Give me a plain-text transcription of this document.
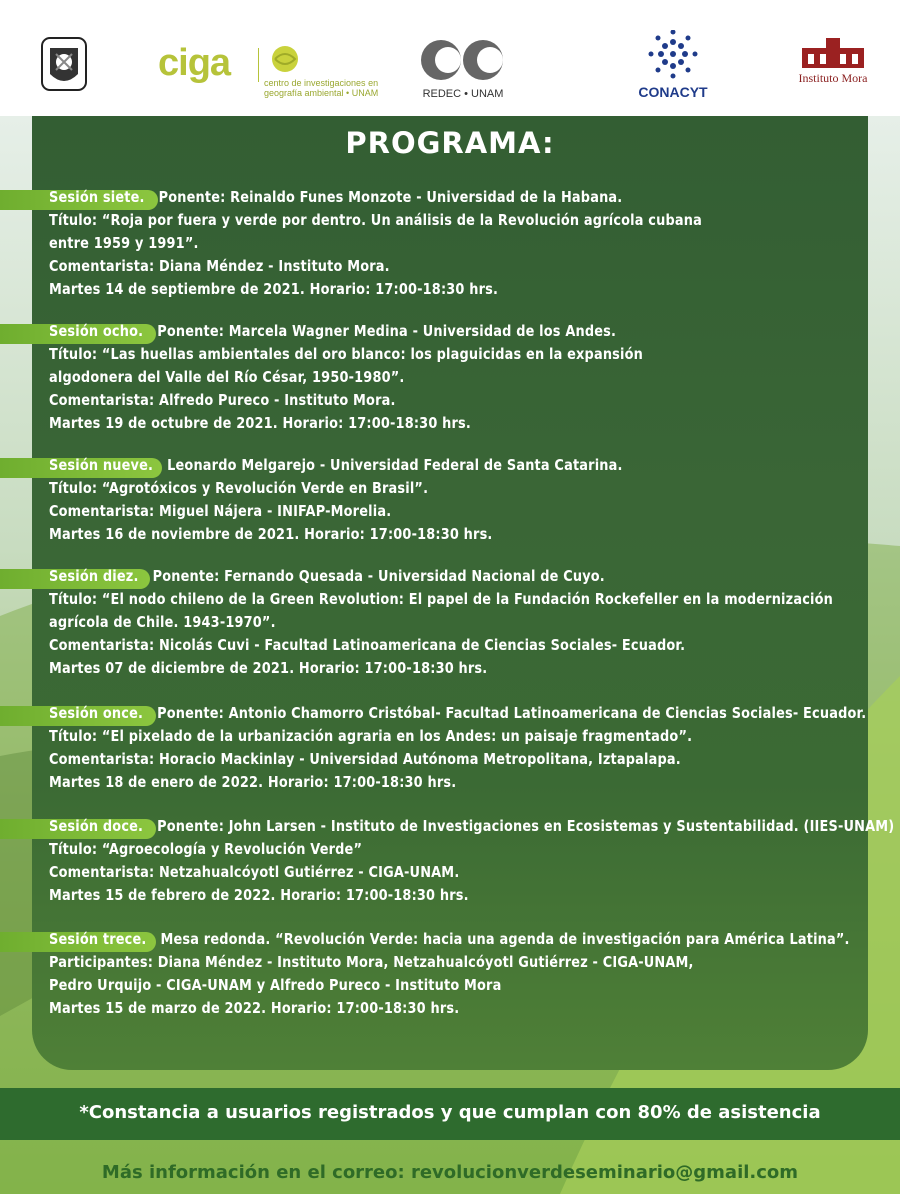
ciga	centro de investigaciones en geografía ambiental • UNAM	REDEC • UNAM	CONACYT
Instituto Mora
PROGRAMA:
Sesión siete. Ponente: Reinaldo Funes Monzote - Universidad de la Habana.
Título: “Roja por fuera y verde por dentro. Un análisis de la Revolución agrícola cubana
entre 1959 y 1991”.
Comentarista: Diana Méndez - Instituto Mora.
Martes 14 de septiembre de 2021. Horario: 17:00-18:30 hrs.
Sesión ocho. Ponente: Marcela Wagner Medina - Universidad de los Andes.
Título: “Las huellas ambientales del oro blanco: los plaguicidas en la expansión
algodonera del Valle del Río César, 1950-1980”.
Comentarista: Alfredo Pureco - Instituto Mora.
Martes 19 de octubre de 2021. Horario: 17:00-18:30 hrs.
Sesión nueve. Leonardo Melgarejo - Universidad Federal de Santa Catarina.
Título: “Agrotóxicos y Revolución Verde en Brasil”.
Comentarista: Miguel Nájera - INIFAP-Morelia.
Martes 16 de noviembre de 2021. Horario: 17:00-18:30 hrs.
Sesión diez. Ponente: Fernando Quesada - Universidad Nacional de Cuyo.
Título: “El nodo chileno de la Green Revolution: El papel de la Fundación Rockefeller en la modernización
agrícola de Chile. 1943-1970”.
Comentarista: Nicolás Cuvi - Facultad Latinoamericana de Ciencias Sociales- Ecuador.
Martes 07 de diciembre de 2021. Horario: 17:00-18:30 hrs.
Sesión once. Ponente: Antonio Chamorro Cristóbal- Facultad Latinoamericana de Ciencias Sociales- Ecuador.
Título: “El pixelado de la urbanización agraria en los Andes: un paisaje fragmentado”.
Comentarista: Horacio Mackinlay - Universidad Autónoma Metropolitana, Iztapalapa.
Martes 18 de enero de 2022. Horario: 17:00-18:30 hrs.
Sesión doce. Ponente: John Larsen - Instituto de Investigaciones en Ecosistemas y Sustentabilidad. (IIES-UNAM)
Título: “Agroecología y Revolución Verde”
Comentarista: Netzahualcóyotl Gutiérrez - CIGA-UNAM.
Martes 15 de febrero de 2022. Horario: 17:00-18:30 hrs.
Sesión trece. Mesa redonda. “Revolución Verde: hacia una agenda de investigación para América Latina”.
Participantes: Diana Méndez - Instituto Mora, Netzahualcóyotl Gutiérrez - CIGA-UNAM,
Pedro Urquijo - CIGA-UNAM y Alfredo Pureco - Instituto Mora
Martes 15 de marzo de 2022. Horario: 17:00-18:30 hrs.
*Constancia a usuarios registrados y que cumplan con 80% de asistencia
Más información en el correo: revolucionverdeseminario@gmail.com
